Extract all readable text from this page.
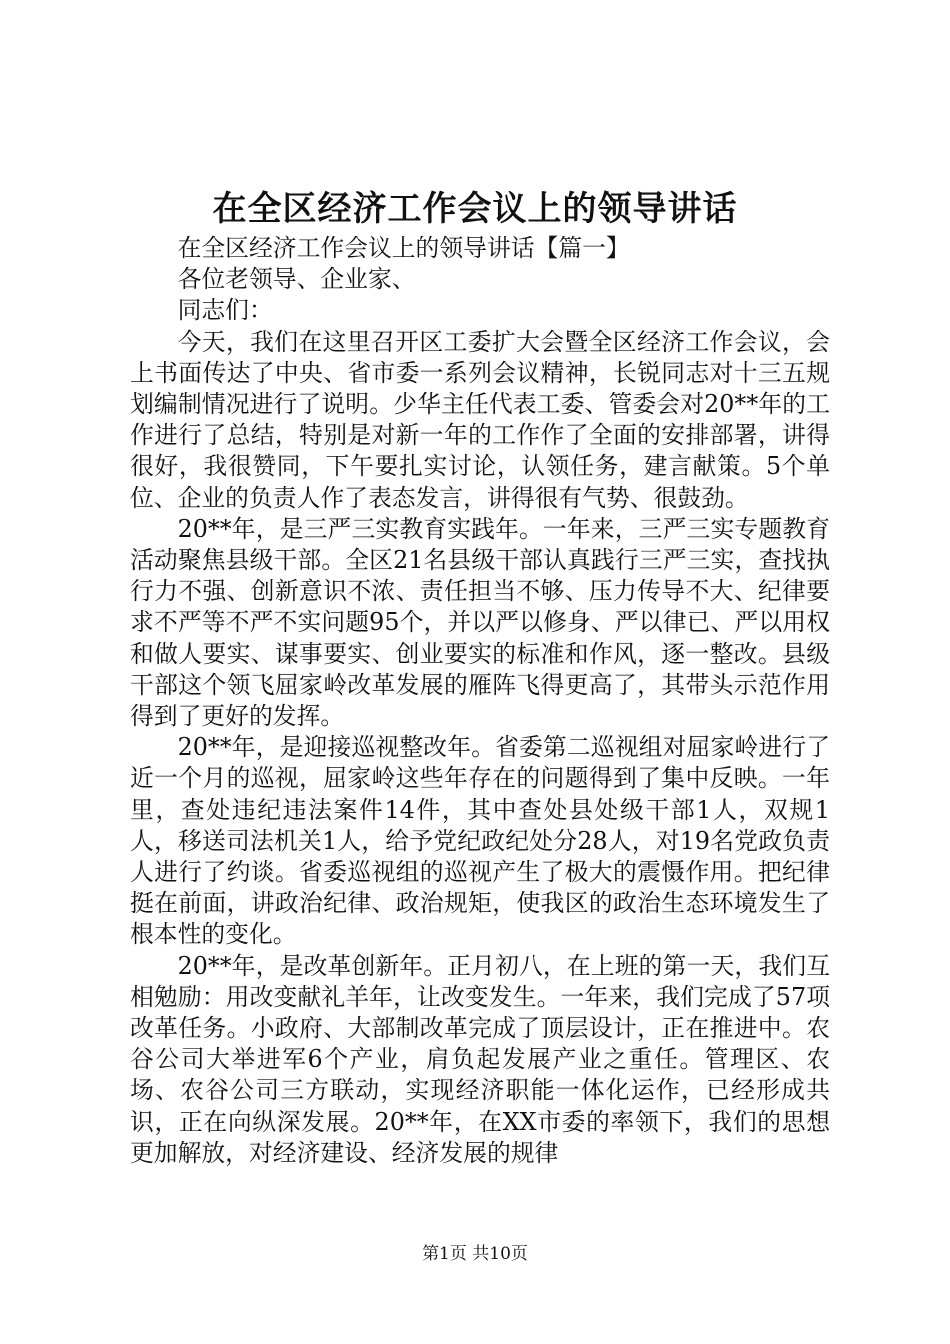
在全区经济工作会议上的领导讲话

在全区经济工作会议上的领导讲话【篇一】

各位老领导、企业家、

同志们：

今天，我们在这里召开区工委扩大会暨全区经济工作会议，会上书面传达了中央、省市委一系列会议精神，长锐同志对十三五规划编制情况进行了说明。少华主任代表工委、管委会对20**年的工作进行了总结，特别是对新一年的工作作了全面的安排部署，讲得很好，我很赞同，下午要扎实讨论，认领任务，建言献策。5个单位、企业的负责人作了表态发言，讲得很有气势、很鼓劲。

20**年，是三严三实教育实践年。一年来，三严三实专题教育活动聚焦县级干部。全区21名县级干部认真践行三严三实，查找执行力不强、创新意识不浓、责任担当不够、压力传导不大、纪律要求不严等不严不实问题95个，并以严以修身、严以律已、严以用权和做人要实、谋事要实、创业要实的标准和作风，逐一整改。县级干部这个领飞屈家岭改革发展的雁阵飞得更高了，其带头示范作用得到了更好的发挥。

20**年，是迎接巡视整改年。省委第二巡视组对屈家岭进行了近一个月的巡视，屈家岭这些年存在的问题得到了集中反映。一年里，查处违纪违法案件14件，其中查处县处级干部1人，双规1人，移送司法机关1人，给予党纪政纪处分28人，对19名党政负责人进行了约谈。省委巡视组的巡视产生了极大的震慑作用。把纪律挺在前面，讲政治纪律、政治规矩，使我区的政治生态环境发生了根本性的变化。

20**年，是改革创新年。正月初八，在上班的第一天，我们互相勉励：用改变献礼羊年，让改变发生。一年来，我们完成了57项改革任务。小政府、大部制改革完成了顶层设计，正在推进中。农谷公司大举进军6个产业，肩负起发展产业之重任。管理区、农场、农谷公司三方联动，实现经济职能一体化运作，已经形成共识，正在向纵深发展。20**年，在XX市委的率领下，我们的思想更加解放，对经济建设、经济发展的规律

第1页 共10页
